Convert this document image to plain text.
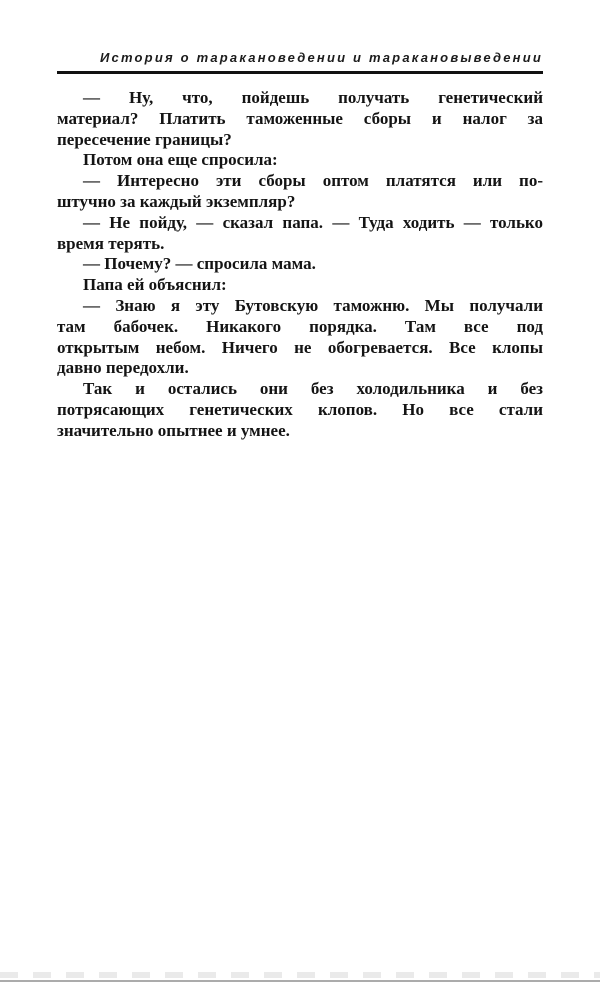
История о таракановедении и таракановыведении
— Ну, что, пойдешь получать генетический
материал? Платить таможенные сборы и налог за
пересечение границы?
Потом она еще спросила:
— Интересно эти сборы оптом платятся или по-
штучно за каждый экземпляр?
— Не пойду, — сказал папа. — Туда ходить — только
время терять.
— Почему? — спросила мама.
Папа ей объяснил:
— Знаю я эту Бутовскую таможню. Мы получали
там бабочек. Никакого порядка. Там все под
открытым небом. Ничего не обогревается. Все клопы
давно передохли.
Так и остались они без холодильника и без
потрясающих генетических клопов. Но все стали
значительно опытнее и умнее.
